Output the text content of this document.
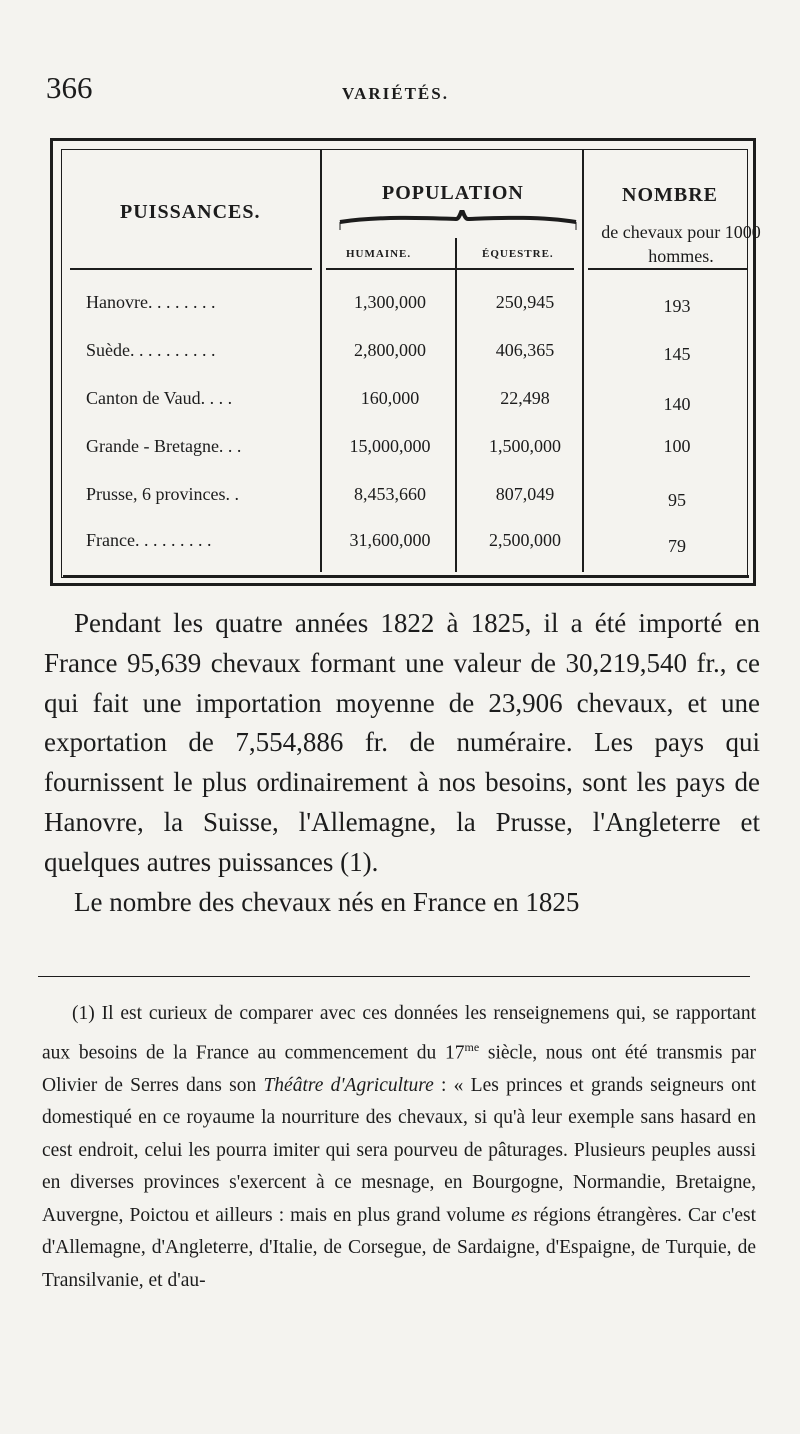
366	VARIÉTÉS.
PUISSANCES.
POPULATION
HUMAINE.	ÉQUESTRE.
NOMBRE
de chevaux pour 1000 hommes.
Hanovre. . . . . . . .	1,300,000	250,945	193
Suède. . . . . . . . . .	2,800,000	406,365	145
Canton de Vaud. . . .	160,000	22,498	140
Grande - Bretagne. . .	15,000,000	1,500,000	100
Prusse, 6 provinces. .	8,453,660	807,049	95
France. . . . . . . . .	31,600,000	2,500,000	79

Pendant les quatre années 1822 à 1825, il a été importé en France 95,639 chevaux formant une valeur de 30,219,540 fr., ce qui fait une importation moyenne de 23,906 chevaux, et une exportation de 7,554,886 fr. de numéraire. Les pays qui fournissent le plus ordinairement à nos besoins, sont les pays de Hanovre, la Suisse, l'Allemagne, la Prusse, l'Angleterre et quelques autres puissances (1).

Le nombre des chevaux nés en France en 1825

(1) Il est curieux de comparer avec ces données les renseignemens qui, se rapportant aux besoins de la France au commencement du $17^{me}$ siècle, nous ont été transmis par Olivier de Serres dans son Théâtre d'Agriculture : « Les princes et grands seigneurs ont domestiqué en ce royaume la nourriture des chevaux, si qu'à leur exemple sans hasard en cest endroit, celui les pourra imiter qui sera pourveu de pâturages. Plusieurs peuples aussi en diverses provinces s'exercent à ce mesnage, en Bourgogne, Normandie, Bretaigne, Auvergne, Poictou et ailleurs : mais en plus grand volume es régions étrangères. Car c'est d'Allemagne, d'Angleterre, d'Italie, de Corsegue, de Sardaigne, d'Espaigne, de Turquie, de Transilvanie, et d'au-
